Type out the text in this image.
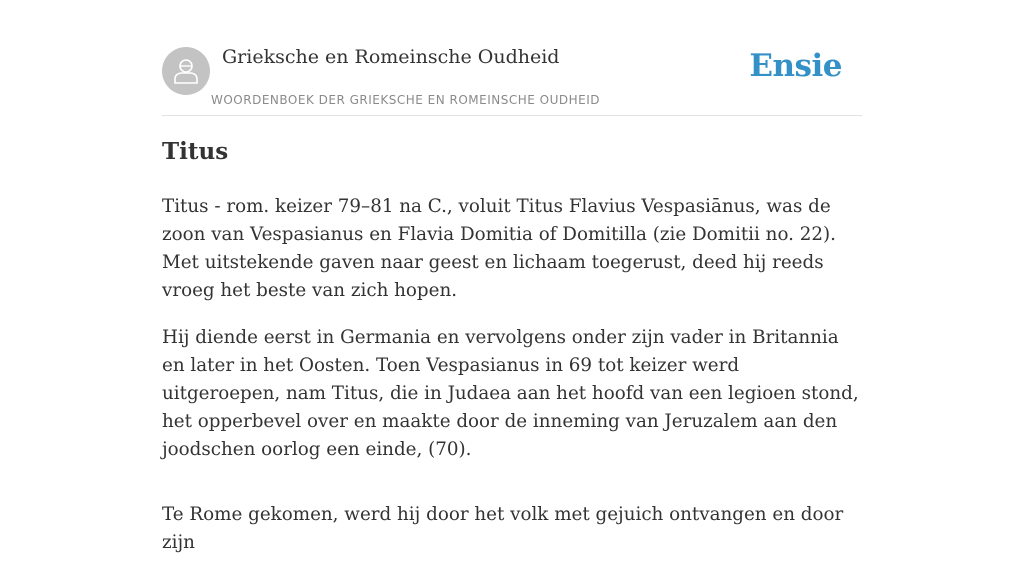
Grieksche en Romeinsche Oudheid
WOORDENBOEK DER GRIEKSCHE EN ROMEINSCHE OUDHEID
Ensie
Titus

Titus - rom. keizer 79–81 na C., voluit Titus Flavius Vespasiānus, was de zoon van Vespasianus en Flavia Domitia of Domitilla (zie Domitii no. 22). Met uitstekende gaven naar geest en lichaam toegerust, deed hij reeds vroeg het beste van zich hopen.

Hij diende eerst in Germania en vervolgens onder zijn vader in Britannia en later in het Oosten. Toen Vespasianus in 69 tot keizer werd uitgeroepen, nam Titus, die in Judaea aan het hoofd van een legioen stond, het opperbevel over en maakte door de inneming van Jeruzalem aan den joodschen oorlog een einde, (70).

Te Rome gekomen, werd hij door het volk met gejuich ontvangen en door zijn
